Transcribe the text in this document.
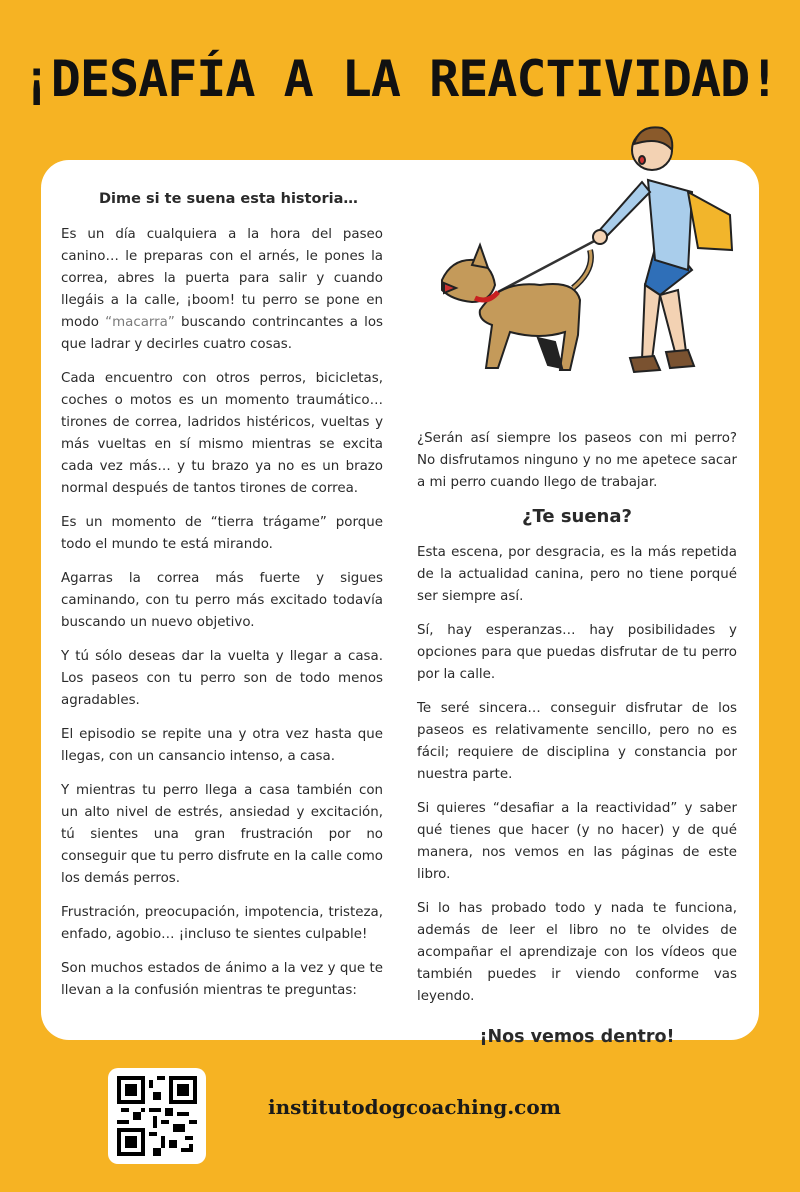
¡DESAFÍA A LA REACTIVIDAD!

Dime si te suena esta historia…

Es un día cualquiera a la hora del paseo canino… le preparas con el arnés, le pones la correa, abres la puerta para salir y cuando llegáis a la calle, ¡boom! tu perro se pone en modo “macarra” buscando contrincantes a los que ladrar y decirles cuatro cosas.

Cada encuentro con otros perros, bicicletas, coches o motos es un momento traumático… tirones de correa, ladridos histéricos, vueltas y más vueltas en sí mismo mientras se excita cada vez más… y tu brazo ya no es un brazo normal después de tantos tirones de correa.

Es un momento de “tierra trágame” porque todo el mundo te está mirando.

Agarras la correa más fuerte y sigues caminando, con tu perro más excitado todavía buscando un nuevo objetivo.

Y tú sólo deseas dar la vuelta y llegar a casa. Los paseos con tu perro son de todo menos agradables.

El episodio se repite una y otra vez hasta que llegas, con un cansancio intenso, a casa.

Y mientras tu perro llega a casa también con un alto nivel de estrés, ansiedad y excitación, tú sientes una gran frustración por no conseguir que tu perro disfrute en la calle como los demás perros.

Frustración, preocupación, impotencia, tristeza, enfado, agobio… ¡incluso te sientes culpable!

Son muchos estados de ánimo a la vez y que te llevan a la confusión mientras te preguntas:

¿Serán así siempre los paseos con mi perro? No disfrutamos ninguno y no me apetece sacar a mi perro cuando llego de trabajar.

¿Te suena?

Esta escena, por desgracia, es la más repetida de la actualidad canina, pero no tiene porqué ser siempre así.

Sí, hay esperanzas… hay posibilidades y opciones para que puedas disfrutar de tu perro por la calle.

Te seré sincera… conseguir disfrutar de los paseos es relativamente sencillo, pero no es fácil; requiere de disciplina y constancia por nuestra parte.

Si quieres “desafiar a la reactividad” y saber qué tienes que hacer (y no hacer) y de qué manera, nos vemos en las páginas de este libro.

Si lo has probado todo y nada te funciona, además de leer el libro no te olvides de acompañar el aprendizaje con los vídeos que también puedes ir viendo conforme vas leyendo.

¡Nos vemos dentro!

institutodogcoaching.com
